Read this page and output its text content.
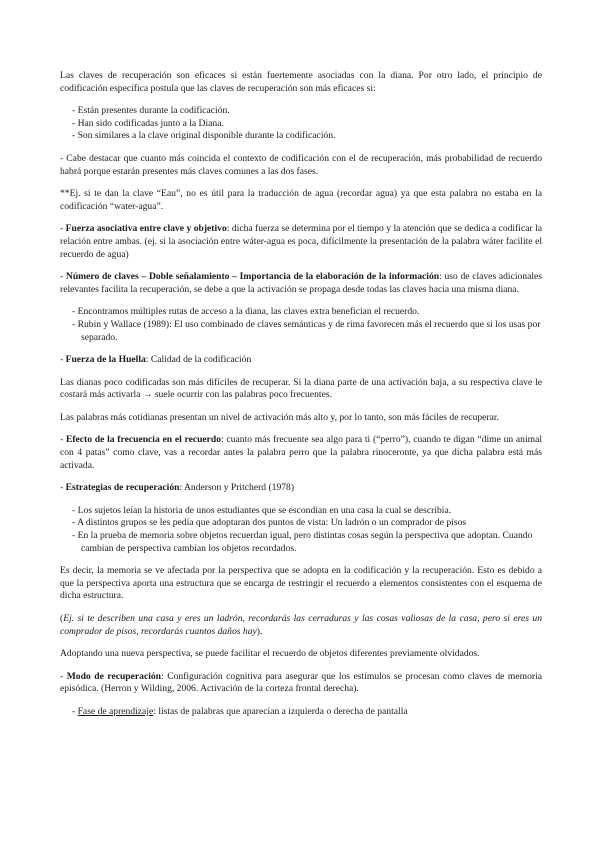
Las claves de recuperación son eficaces si están fuertemente asociadas con la diana. Por otro lado, el principio de codificación específica postula que las claves de recuperación son más eficaces si:

- Están presentes durante la codificación.
- Han sido codificadas junto a la Diana.
- Son similares a la clave original disponible durante la codificación.

- Cabe destacar que cuanto más coincida el contexto de codificación con el de recuperación, más probabilidad de recuerdo habrá porque estarán presentes más claves comunes a las dos fases.

**Ej. si te dan la clave “Eau”, no es útil para la traducción de agua (recordar agua) ya que esta palabra no estaba en la codificación “water-agua”.

- Fuerza asociativa entre clave y objetivo: dicha fuerza se determina por el tiempo y la atención que se dedica a codificar la relación entre ambas. (ej. si la asociación entre wáter-agua es poca, difícilmente la presentación de la palabra wáter facilite el recuerdo de agua)

- Número de claves – Doble señalamiento – Importancia de la elaboración de la información: uso de claves adicionales relevantes facilita la recuperación, se debe a que la activación se propaga desde todas las claves hacia una misma diana.

- Encontramos múltiples rutas de acceso a la diana, las claves extra benefician el recuerdo.
- Rubin y Wallace (1989): El uso combinado de claves semánticas y de rima favorecen más el recuerdo que si los usas por separado.

- Fuerza de la Huella: Calidad de la codificación

Las dianas poco codificadas son más difíciles de recuperar. Si la diana parte de una activación baja, a su respectiva clave le costará más activarla → suele ocurrir con las palabras poco frecuentes.

Las palabras más cotidianas presentan un nivel de activación más alto y, por lo tanto, son más fáciles de recuperar.

- Efecto de la frecuencia en el recuerdo: cuanto más frecuente sea algo para ti (“perro”), cuando te digan “dime un animal con 4 patas” como clave, vas a recordar antes la palabra perro que la palabra rinoceronte, ya que dicha palabra está más activada.

- Estrategias de recuperación: Anderson y Pritcherd (1978)

- Los sujetos leían la historia de unos estudiantes que se escondían en una casa la cual se describía.
- A distintos grupos se les pedía que adoptaran dos puntos de vista: Un ladrón o un comprador de pisos
- En la prueba de memoria sobre objetos recuerdan igual, pero distintas cosas según la perspectiva que adoptan. Cuando cambian de perspectiva cambian los objetos recordados.

Es decir, la memoria se ve afectada por la perspectiva que se adopta en la codificación y la recuperación. Esto es debido a que la perspectiva aporta una estructura que se encarga de restringir el recuerdo a elementos consistentes con el esquema de dicha estructura.

(Ej. si te describen una casa y eres un ladrón, recordarás las cerraduras y las cosas valiosas de la casa, pero si eres un comprador de pisos, recordarás cuantos daños hay).

Adoptando una nueva perspectiva, se puede facilitar el recuerdo de objetos diferentes previamente olvidados.

- Modo de recuperación: Configuración cognitiva para asegurar que los estímulos se procesan como claves de memoria episódica. (Herron y Wilding, 2006. Activación de la corteza frontal derecha).

- Fase de aprendizaje: listas de palabras que aparecían a izquierda o derecha de pantalla
